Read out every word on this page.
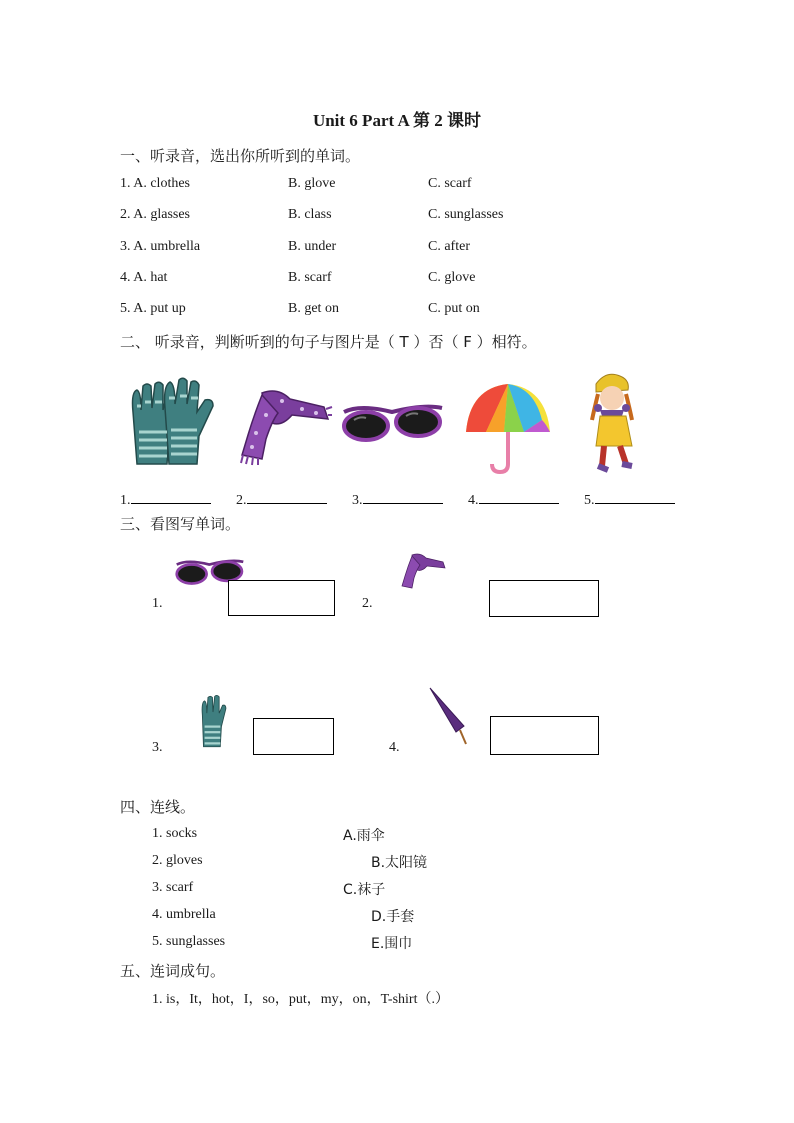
Unit 6 Part A 第 2 课时
一、听录音，选出你所听到的单词。
1. A. clothes	B. glove	C. scarf
2. A. glasses	B. class	C. sunglasses
3. A. umbrella	B. under	C. after
4. A. hat	B. scarf	C. glove
5. A. put up	B. get on	C. put on
二、 听录音，判断听到的句子与图片是（ T ）否（ F ）相符。
1.	2.	3.	4.	5.
三、看图写单词。
1.	2.
3.	4.
四、连线。
1. socks
2. gloves
3. scarf
4. umbrella
5. sunglasses
A.雨伞
B.太阳镜
C.袜子
D.手套
E.围巾
五、连词成句。
1. is，It，hot，I，so，put，my，on，T-shirt（.）
